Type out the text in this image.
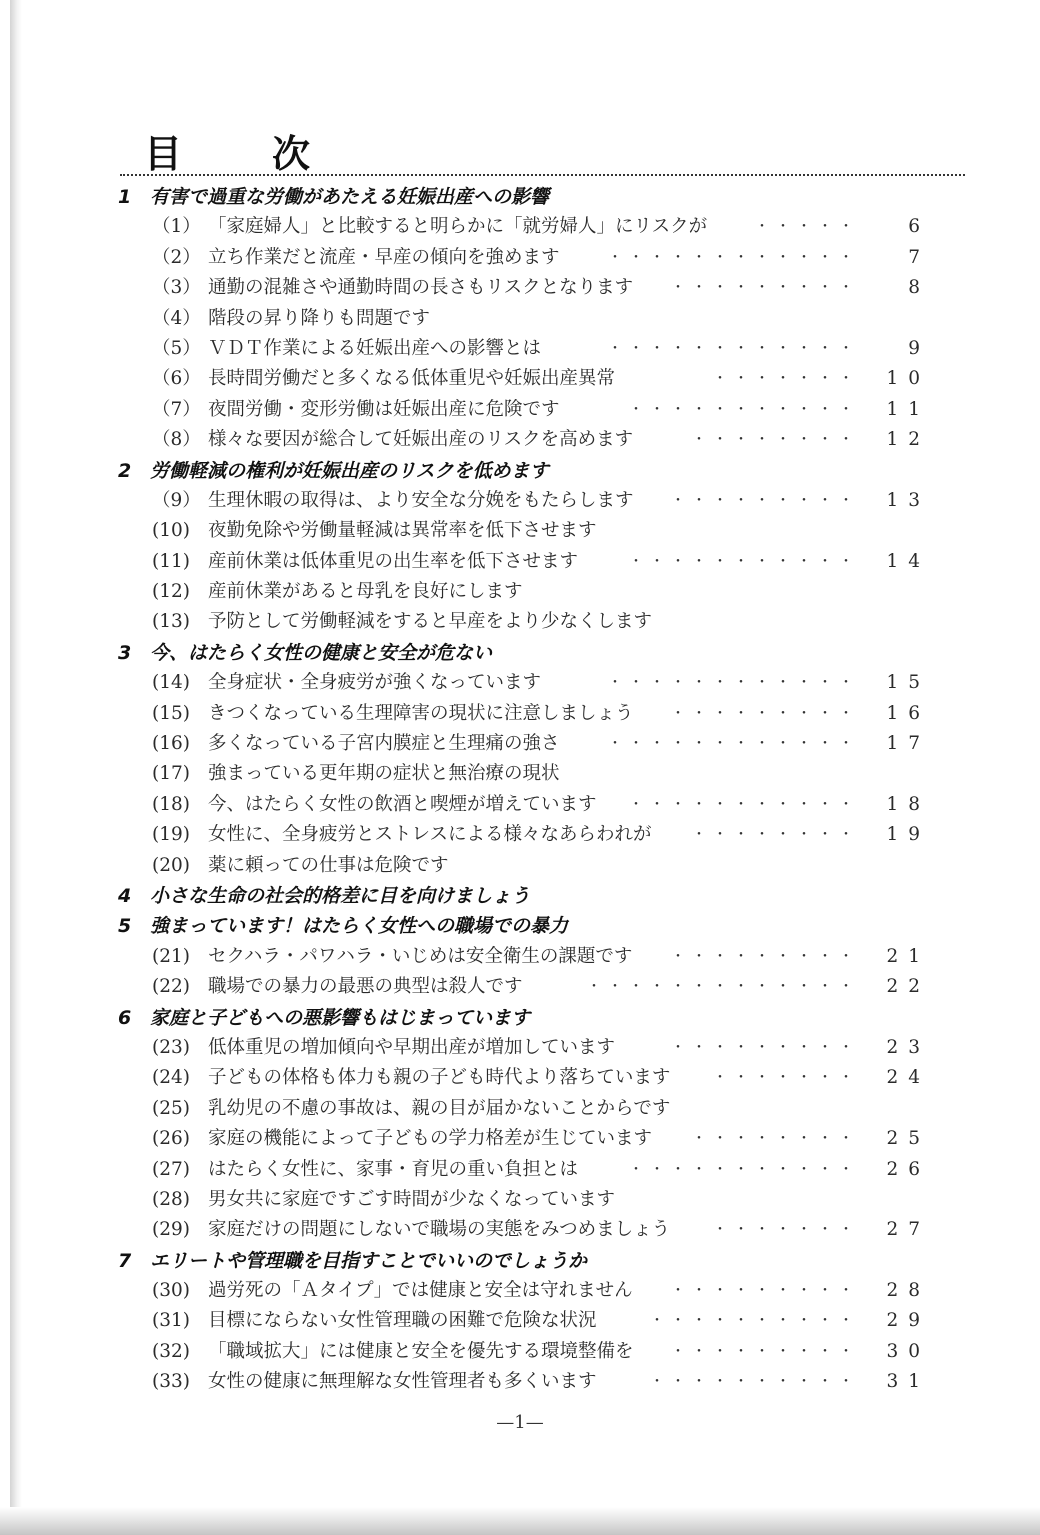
目　次
1 有害で過重な労働があたえる妊娠出産への影響
（1） 「家庭婦人」と比較すると明らかに「就労婦人」にリスクが	・・・・・	6
（2） 立ち作業だと流産・早産の傾向を強めます	・・・・・・・・・・・・	7
（3） 通勤の混雑さや通勤時間の長さもリスクとなります	・・・・・・・・・	8
（4） 階段の昇り降りも問題です
（5） ＶＤＴ作業による妊娠出産への影響とは	・・・・・・・・・・・・	9
（6） 長時間労働だと多くなる低体重児や妊娠出産異常	・・・・・・・ 10
（7） 夜間労働・変形労働は妊娠出産に危険です	・・・・・・・・・・・ 11
（8） 様々な要因が総合して妊娠出産のリスクを高めます	・・・・・・・・ 12
2 労働軽減の権利が妊娠出産のリスクを低めます
（9） 生理休暇の取得は、より安全な分娩をもたらします	・・・・・・・・・ 13
(10) 夜勤免除や労働量軽減は異常率を低下させます
(11) 産前休業は低体重児の出生率を低下させます	・・・・・・・・・・・ 14
(12) 産前休業があると母乳を良好にします
(13) 予防として労働軽減をすると早産をより少なくします
3 今、はたらく女性の健康と安全が危ない
(14) 全身症状・全身疲労が強くなっています	・・・・・・・・・・・・ 15
(15) きつくなっている生理障害の現状に注意しましょう	・・・・・・・・・ 16
(16) 多くなっている子宮内膜症と生理痛の強さ	・・・・・・・・・・・・ 17
(17) 強まっている更年期の症状と無治療の現状
(18) 今、はたらく女性の飲酒と喫煙が増えています ・・・・・・・・・・・ 18
(19) 女性に、全身疲労とストレスによる様々なあらわれが	・・・・・・・・ 19
(20) 薬に頼っての仕事は危険です
4 小さな生命の社会的格差に目を向けましょう
5 強まっています！はたらく女性への職場での暴力
(21) セクハラ・パワハラ・いじめは安全衛生の課題です	・・・・・・・・・ 21
(22) 職場での暴力の最悪の典型は殺人です	・・・・・・・・・・・・・ 22
6 家庭と子どもへの悪影響もはじまっています
(23) 低体重児の増加傾向や早期出産が増加しています	・・・・・・・・・ 23
(24) 子どもの体格も体力も親の子ども時代より落ちています	・・・・・・・ 24
(25) 乳幼児の不慮の事故は、親の目が届かないことからです
(26) 家庭の機能によって子どもの学力格差が生じています	・・・・・・・・ 25
(27) はたらく女性に、家事・育児の重い負担とは	・・・・・・・・・・・ 26
(28) 男女共に家庭ですごす時間が少なくなっています
(29) 家庭だけの問題にしないで職場の実態をみつめましょう	・・・・・・・ 27
7 エリートや管理職を目指すことでいいのでしょうか
(30) 過労死の「Ａタイプ」では健康と安全は守れません	・・・・・・・・・ 28
(31) 目標にならない女性管理職の困難で危険な状況	・・・・・・・・・・ 29
(32) 「職域拡大」には健康と安全を優先する環境整備を	・・・・・・・・・ 30
(33) 女性の健康に無理解な女性管理者も多くいます	・・・・・・・・・・ 31
—1—
